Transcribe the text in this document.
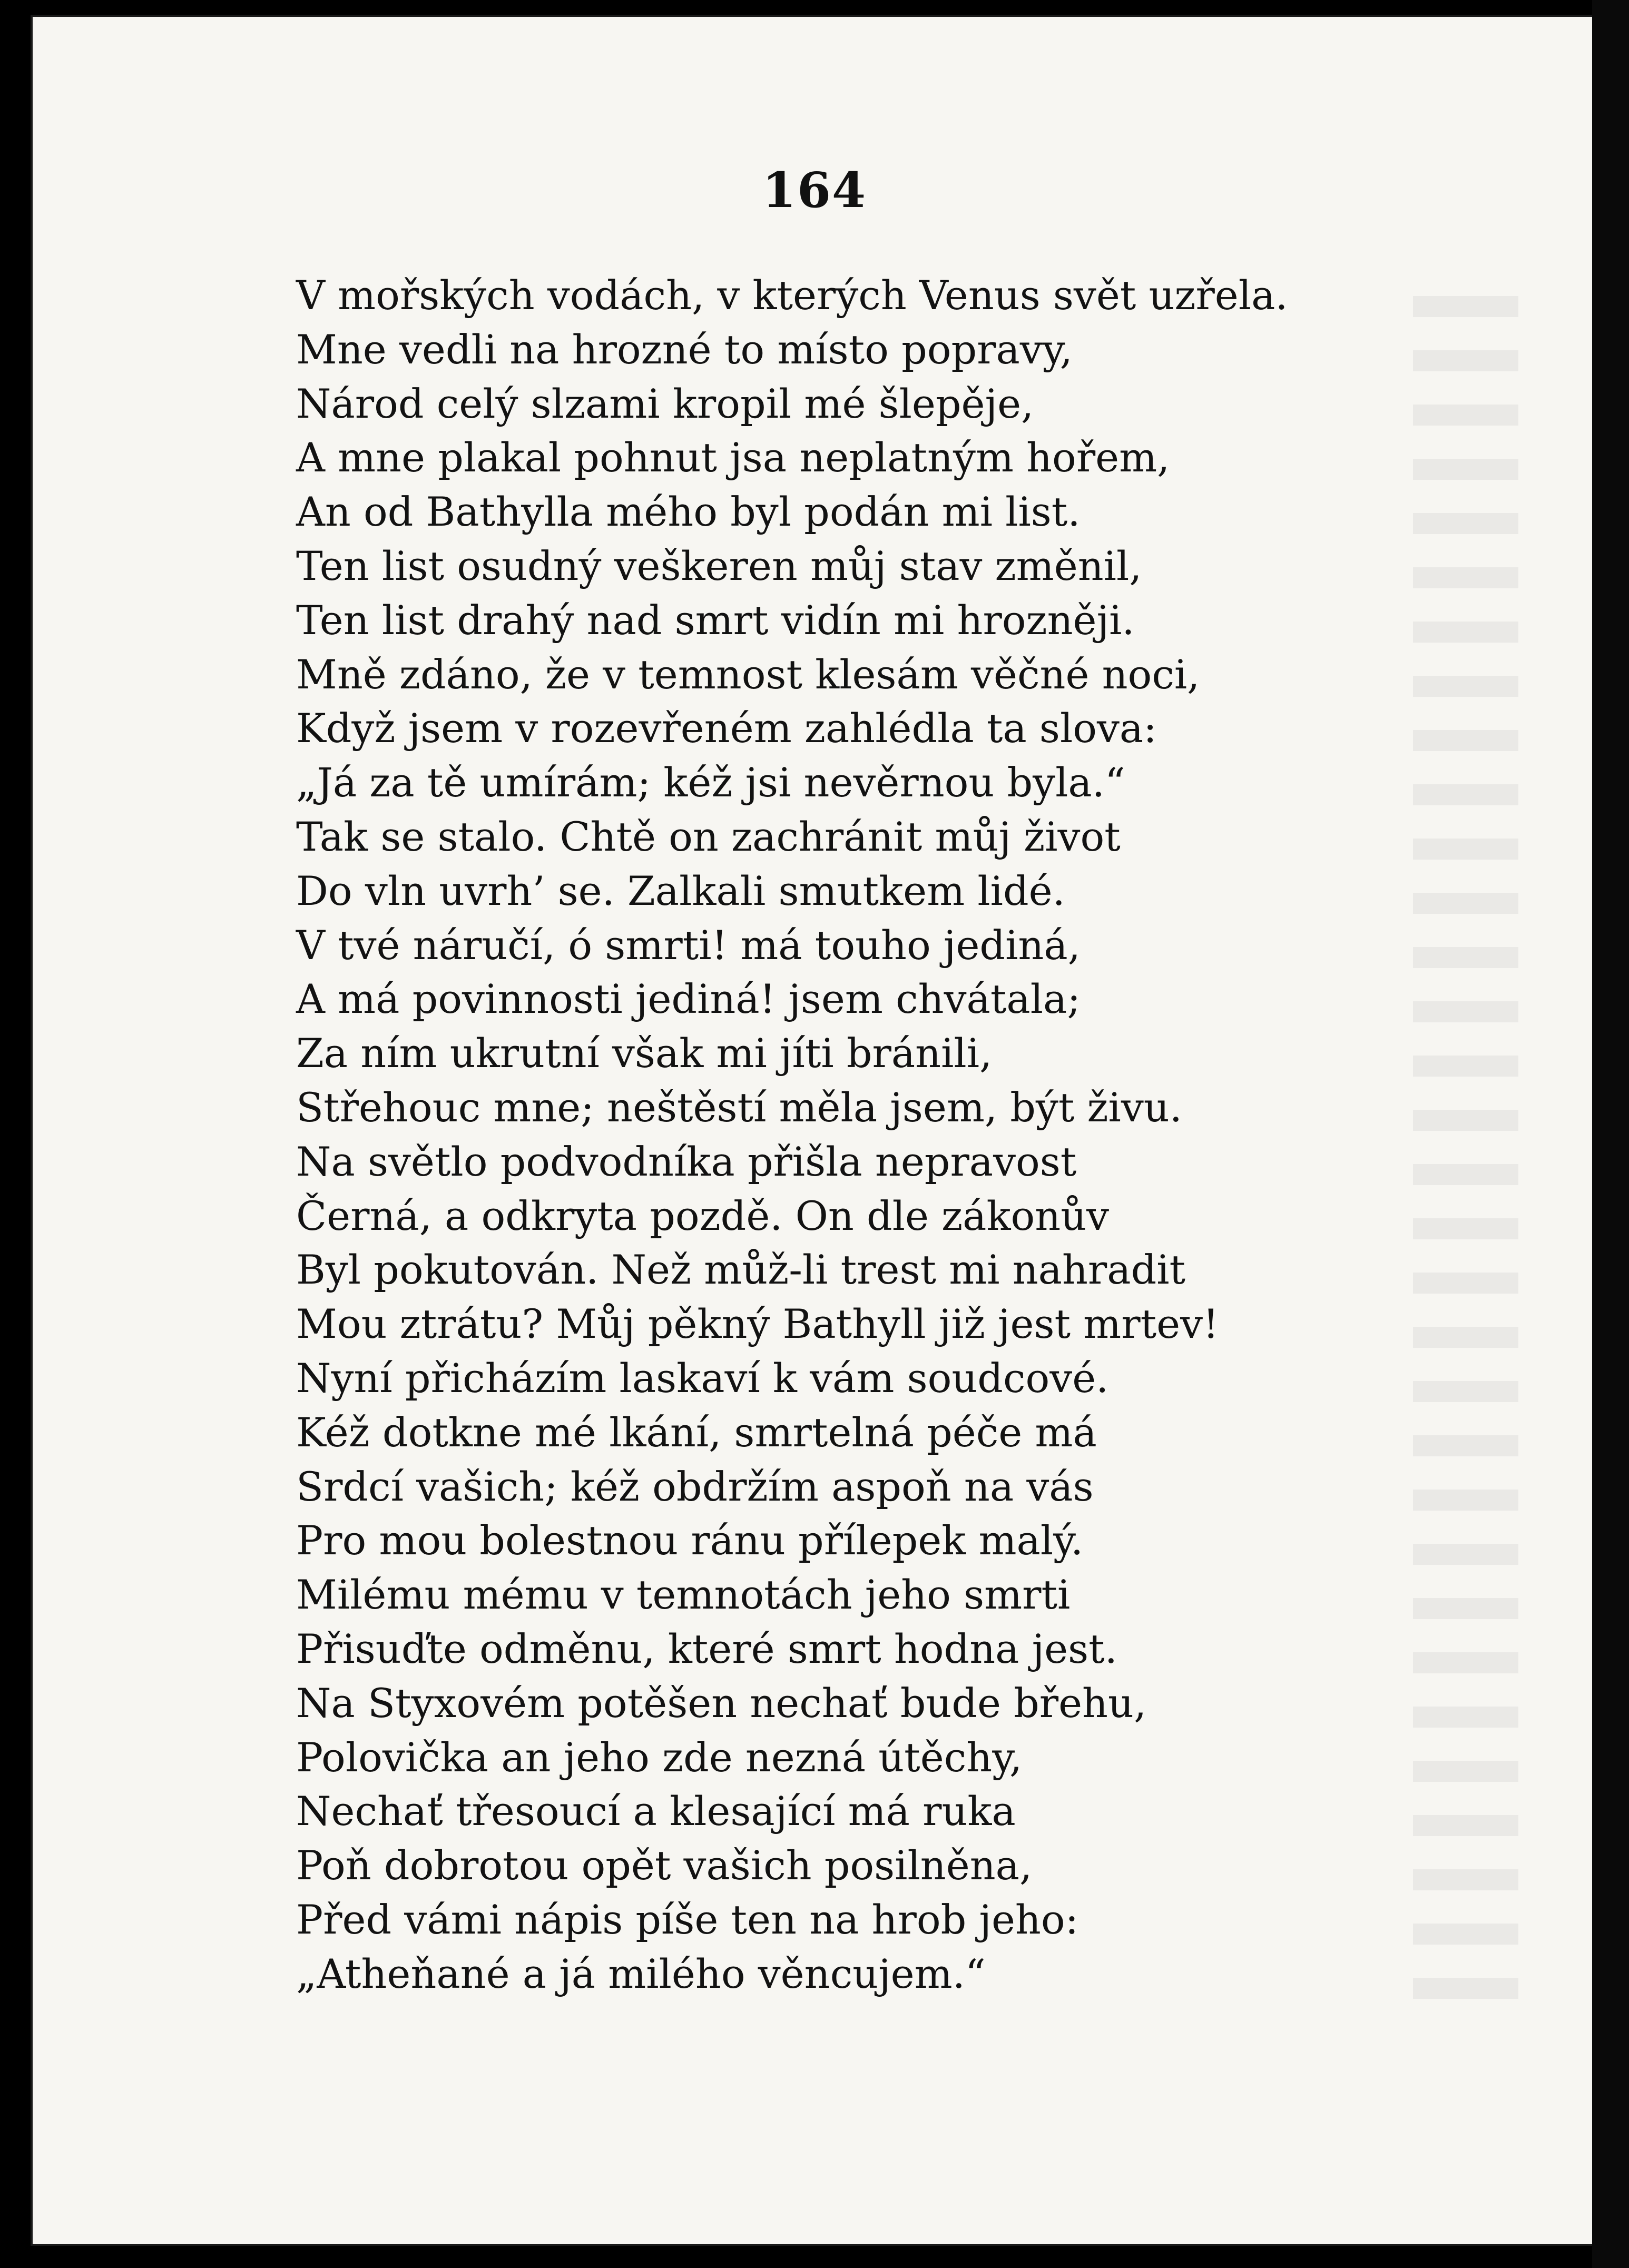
164
V mořských vodách, v kterých Venus svět uzřela.
Mne vedli na hrozné to místo popravy,
Národ celý slzami kropil mé šlepěje,
A mne plakal pohnut jsa neplatným hořem,
An od Bathylla mého byl podán mi list.
Ten list osudný veškeren můj stav změnil,
Ten list drahý nad smrt vidín mi hrozněji.
Mně zdáno, že v temnost klesám věčné noci,
Když jsem v rozevřeném zahlédla ta slova:
„Já za tě umírám; kéž jsi nevěrnou byla.“
Tak se stalo. Chtě on zachránit můj život
Do vln uvrh’ se. Zalkali smutkem lidé.
V tvé náručí, ó smrti! má touho jediná,
A má povinnosti jediná! jsem chvátala;
Za ním ukrutní však mi jíti bránili,
Střehouc mne; neštěstí měla jsem, být živu.
Na světlo podvodníka přišla nepravost
Černá, a odkryta pozdě. On dle zákonův
Byl pokutován. Než můž-li trest mi nahradit
Mou ztrátu? Můj pěkný Bathyll již jest mrtev!
Nyní přicházím laskaví k vám soudcové.
Kéž dotkne mé lkání, smrtelná péče má
Srdcí vašich; kéž obdržím aspoň na vás
Pro mou bolestnou ránu přílepek malý.
Milému mému v temnotách jeho smrti
Přisuďte odměnu, které smrt hodna jest.
Na Styxovém potěšen nechať bude břehu,
Polovička an jeho zde nezná útěchy,
Nechať třesoucí a klesající má ruka
Poň dobrotou opět vašich posilněna,
Před vámi nápis píše ten na hrob jeho:
„Atheňané a já milého věncujem.“
